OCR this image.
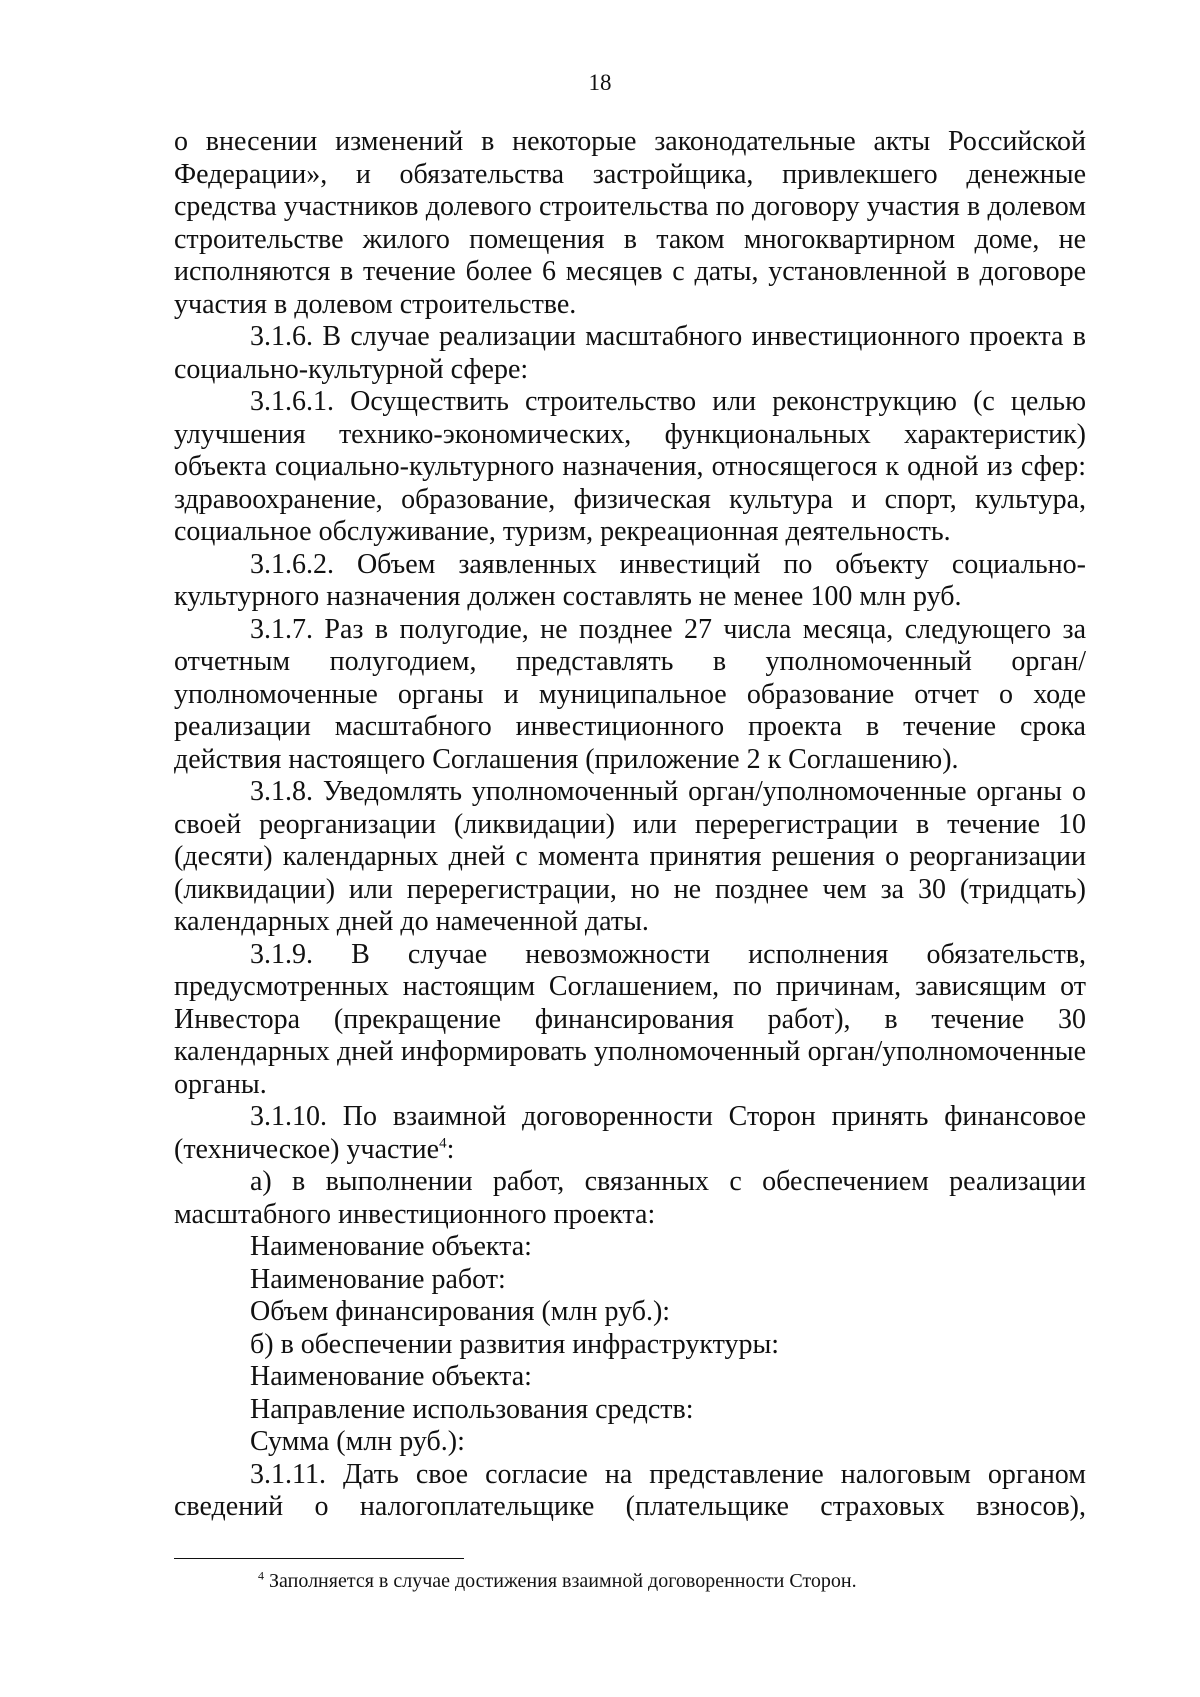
18

о внесении изменений в некоторые законодательные акты Российской Федерации», и обязательства застройщика, привлекшего денежные средства участников долевого строительства по договору участия в долевом строительстве жилого помещения в таком многоквартирном доме, не исполняются в течение более 6 месяцев с даты, установленной в договоре участия в долевом строительстве.

3.1.6. В случае реализации масштабного инвестиционного проекта в социально-культурной сфере:

3.1.6.1. Осуществить строительство или реконструкцию (с целью улучшения технико-экономических, функциональных характеристик) объекта социально-культурного назначения, относящегося к одной из сфер: здравоохранение, образование, физическая культура и спорт, культура, социальное обслуживание, туризм, рекреационная деятельность.

3.1.6.2. Объем заявленных инвестиций по объекту социально-культурного назначения должен составлять не менее 100 млн руб.

3.1.7. Раз в полугодие, не позднее 27 числа месяца, следующего за отчетным полугодием, представлять в уполномоченный орган/уполномоченные органы и муниципальное образование отчет о ходе реализации масштабного инвестиционного проекта в течение срока действия настоящего Соглашения (приложение 2 к Соглашению).

3.1.8. Уведомлять уполномоченный орган/уполномоченные органы о своей реорганизации (ликвидации) или перерегистрации в течение 10 (десяти) календарных дней с момента принятия решения о реорганизации (ликвидации) или перерегистрации, но не позднее чем за 30 (тридцать) календарных дней до намеченной даты.

3.1.9. В случае невозможности исполнения обязательств, предусмотренных настоящим Соглашением, по причинам, зависящим от Инвестора (прекращение финансирования работ), в течение 30 календарных дней информировать уполномоченный орган/уполномоченные органы.

3.1.10. По взаимной договоренности Сторон принять финансовое (техническое) участие$^4$:

а) в выполнении работ, связанных с обеспечением реализации масштабного инвестиционного проекта:

Наименование объекта:

Наименование работ:

Объем финансирования (млн руб.):

б) в обеспечении развития инфраструктуры:

Наименование объекта:

Направление использования средств:

Сумма (млн руб.):

3.1.11. Дать свое согласие на представление налоговым органом сведений о налогоплательщике (плательщике страховых взносов),

$^4$ Заполняется в случае достижения взаимной договоренности Сторон.
